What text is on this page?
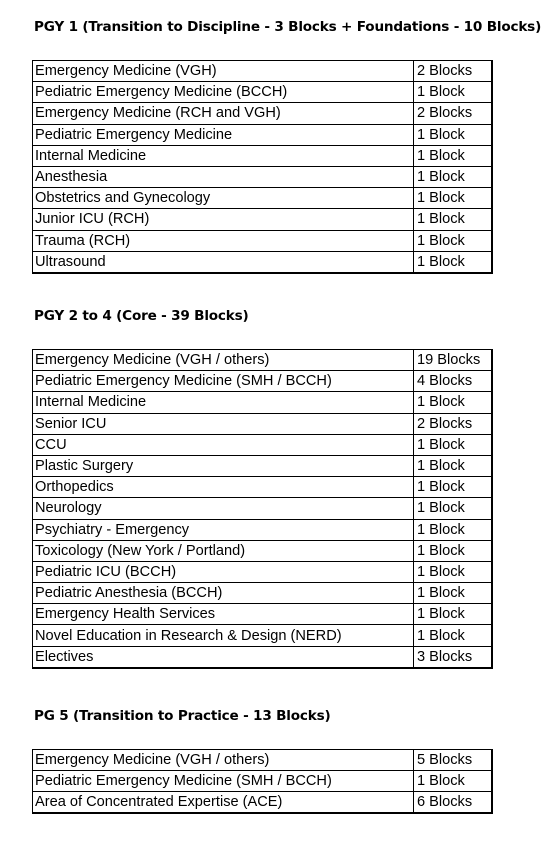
PGY 1 (Transition to Discipline - 3 Blocks + Foundations - 10 Blocks)
Emergency Medicine (VGH)	2 Blocks
Pediatric Emergency Medicine (BCCH)	1 Block
Emergency Medicine (RCH and VGH)	2 Blocks
Pediatric Emergency Medicine	1 Block
Internal Medicine	1 Block
Anesthesia	1 Block
Obstetrics and Gynecology	1 Block
Junior ICU (RCH)	1 Block
Trauma (RCH)	1 Block
Ultrasound	1 Block
PGY 2 to 4 (Core - 39 Blocks)
Emergency Medicine (VGH / others)	19 Blocks
Pediatric Emergency Medicine (SMH / BCCH)	4 Blocks
Internal Medicine	1 Block
Senior ICU	2 Blocks
CCU	1 Block
Plastic Surgery	1 Block
Orthopedics	1 Block
Neurology	1 Block
Psychiatry - Emergency	1 Block
Toxicology (New York / Portland)	1 Block
Pediatric ICU (BCCH)	1 Block
Pediatric Anesthesia (BCCH)	1 Block
Emergency Health Services	1 Block
Novel Education in Research & Design (NERD)	1 Block
Electives	3 Blocks
PG 5 (Transition to Practice - 13 Blocks)
Emergency Medicine (VGH / others)	5 Blocks
Pediatric Emergency Medicine (SMH / BCCH)	1 Block
Area of Concentrated Expertise (ACE)	6 Blocks
